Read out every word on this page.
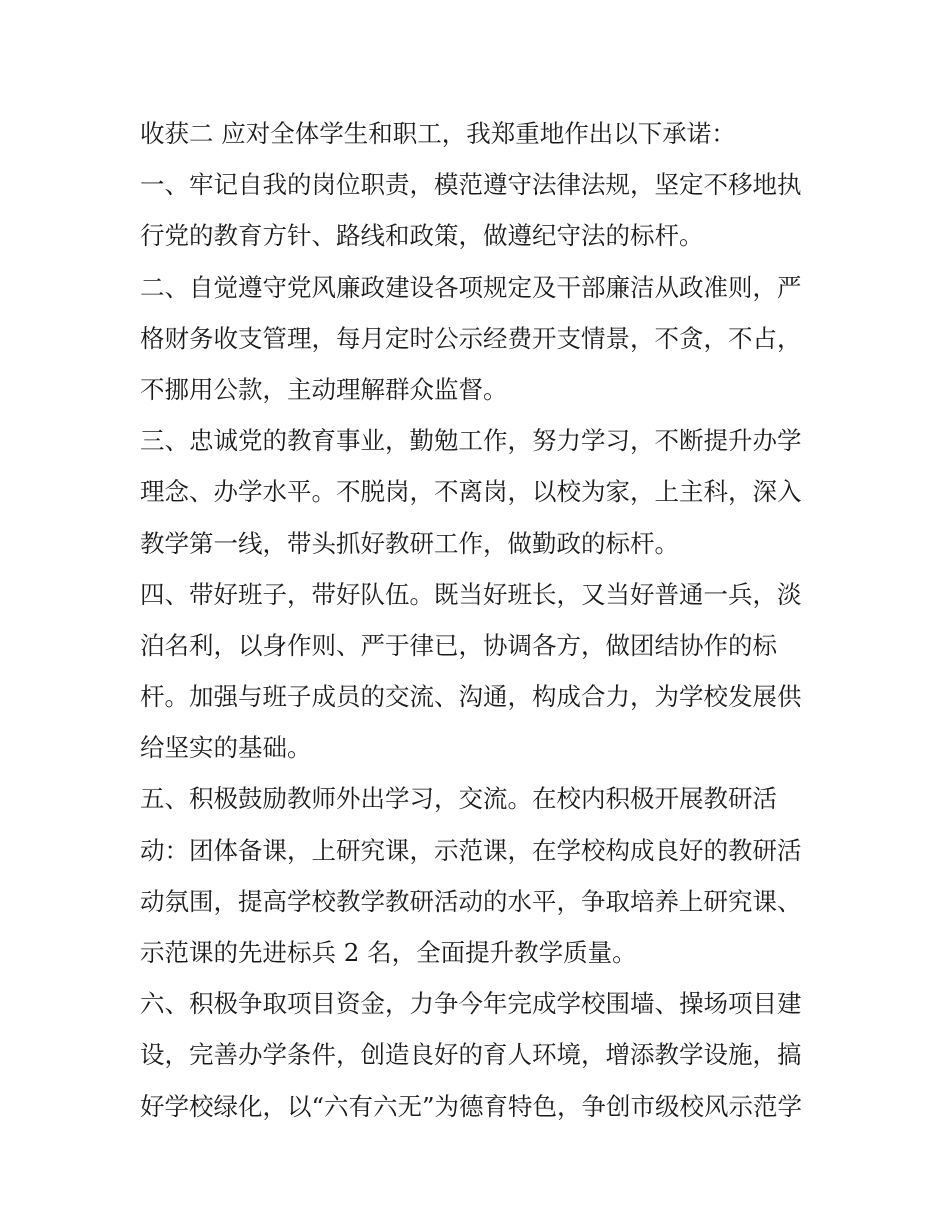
收获二 应对全体学生和职工，我郑重地作出以下承诺：
一、牢记自我的岗位职责，模范遵守法律法规，坚定不移地执
行党的教育方针、路线和政策，做遵纪守法的标杆。
二、自觉遵守党风廉政建设各项规定及干部廉洁从政准则，严
格财务收支管理，每月定时公示经费开支情景，不贪，不占，
不挪用公款，主动理解群众监督。
三、忠诚党的教育事业，勤勉工作，努力学习，不断提升办学
理念、办学水平。不脱岗，不离岗，以校为家，上主科，深入
教学第一线，带头抓好教研工作，做勤政的标杆。
四、带好班子，带好队伍。既当好班长，又当好普通一兵，淡
泊名利，以身作则、严于律已，协调各方，做团结协作的标
杆。加强与班子成员的交流、沟通，构成合力，为学校发展供
给坚实的基础。
五、积极鼓励教师外出学习，交流。在校内积极开展教研活
动：团体备课，上研究课，示范课，在学校构成良好的教研活
动氛围，提高学校教学教研活动的水平，争取培养上研究课、
示范课的先进标兵 2 名，全面提升教学质量。
六、积极争取项目资金，力争今年完成学校围墙、操场项目建
设，完善办学条件，创造良好的育人环境，增添教学设施，搞
好学校绿化，以“六有六无”为德育特色，争创市级校风示范学
